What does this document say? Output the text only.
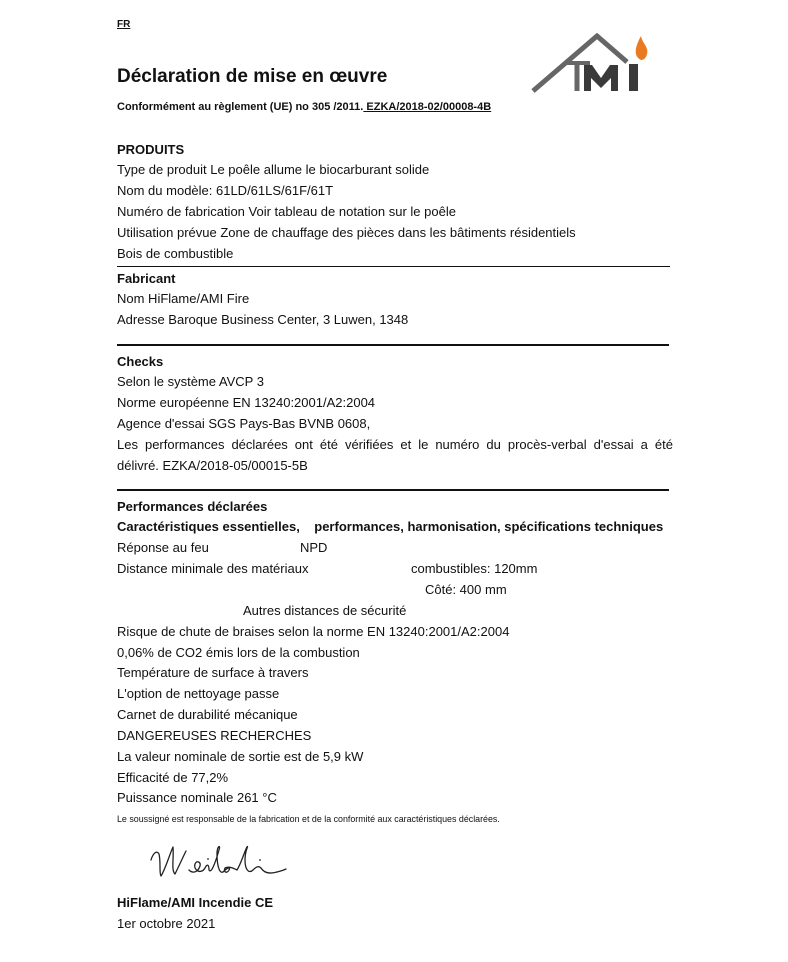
FR
Déclaration de mise en œuvre
Conformément au règlement (UE) no 305 /2011. EZKA/2018-02/00008-4B
PRODUITS
Type de produit Le poêle allume le biocarburant solide
Nom du modèle: 61LD/61LS/61F/61T
Numéro de fabrication Voir tableau de notation sur le poêle
Utilisation prévue Zone de chauffage des pièces dans les bâtiments résidentiels
Bois de combustible
Fabricant
Nom HiFlame/AMI Fire
Adresse Baroque Business Center, 3 Luwen, 1348
Checks
Selon le système AVCP 3
Norme européenne EN 13240:2001/A2:2004
Agence d'essai SGS Pays-Bas BVNB 0608,
Les performances déclarées ont été vérifiées et le numéro du procès-verbal d'essai a été
délivré. EZKA/2018-05/00015-5B
Performances déclarées
Caractéristiques essentielles,    performances, harmonisation, spécifications techniques
Réponse au feu	NPD
Distance minimale des matériaux	combustibles: 120mm
Côté: 400 mm
Autres distances de sécurité
Risque de chute de braises selon la norme EN 13240:2001/A2:2004
0,06% de CO2 émis lors de la combustion
Température de surface à travers
L'option de nettoyage passe
Carnet de durabilité mécanique
DANGEREUSES RECHERCHES
La valeur nominale de sortie est de 5,9 kW
Efficacité de 77,2%
Puissance nominale 261 °C
Le soussigné est responsable de la fabrication et de la conformité aux caractéristiques déclarées.
HiFlame/AMI Incendie CE
1er octobre 2021
